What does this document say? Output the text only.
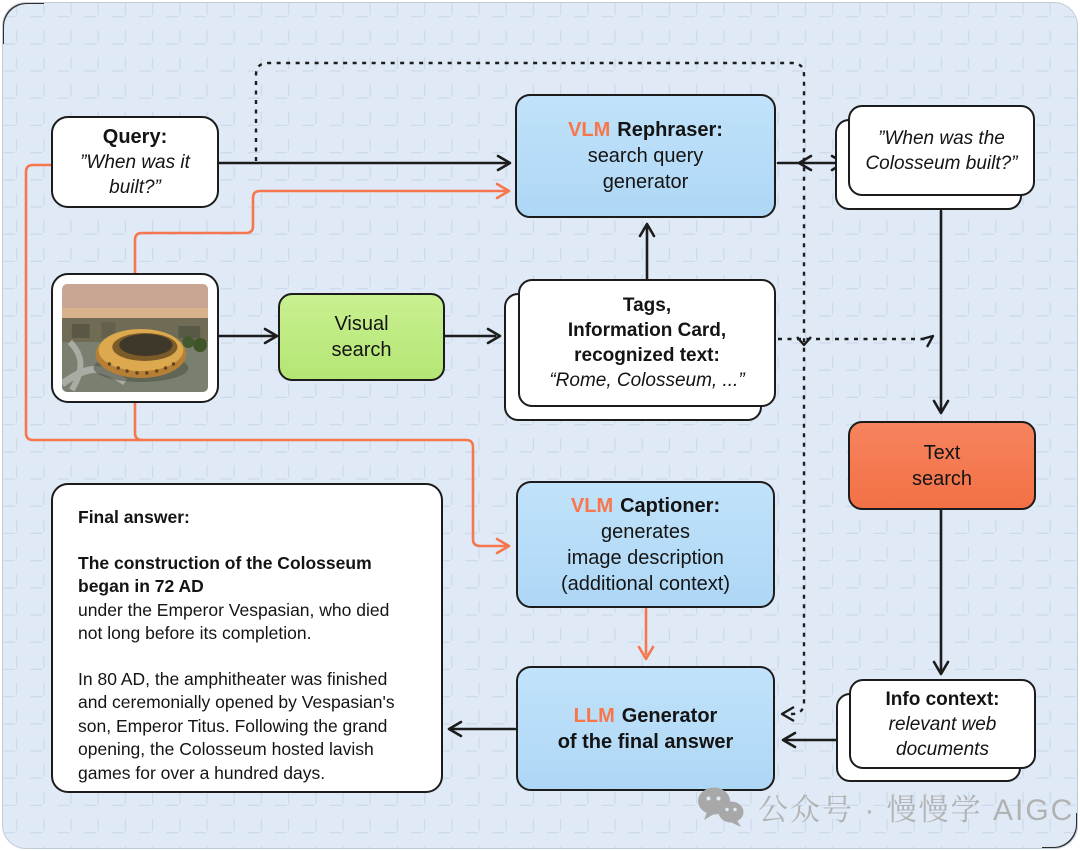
Query:
”When was it built?”
VLM Rephraser:
search query
generator
”When was the Colosseum built?”
Visual search
Tags,
Information Card,
recognized text:
“Rome, Colosseum, ...”
Text search
VLM Captioner:
generates
image description
(additional context)
LLM Generator
of the final answer
Info context:
relevant web documents
Final answer:

The construction of the Colosseum began in 72 AD
under the Emperor Vespasian, who died not long before its completion.

In 80 AD, the amphitheater was finished and ceremonially opened by Vespasian's son, Emperor Titus. Following the grand opening, the Colosseum hosted lavish games for over a hundred days.

公众号 · 慢慢学 AIGC
